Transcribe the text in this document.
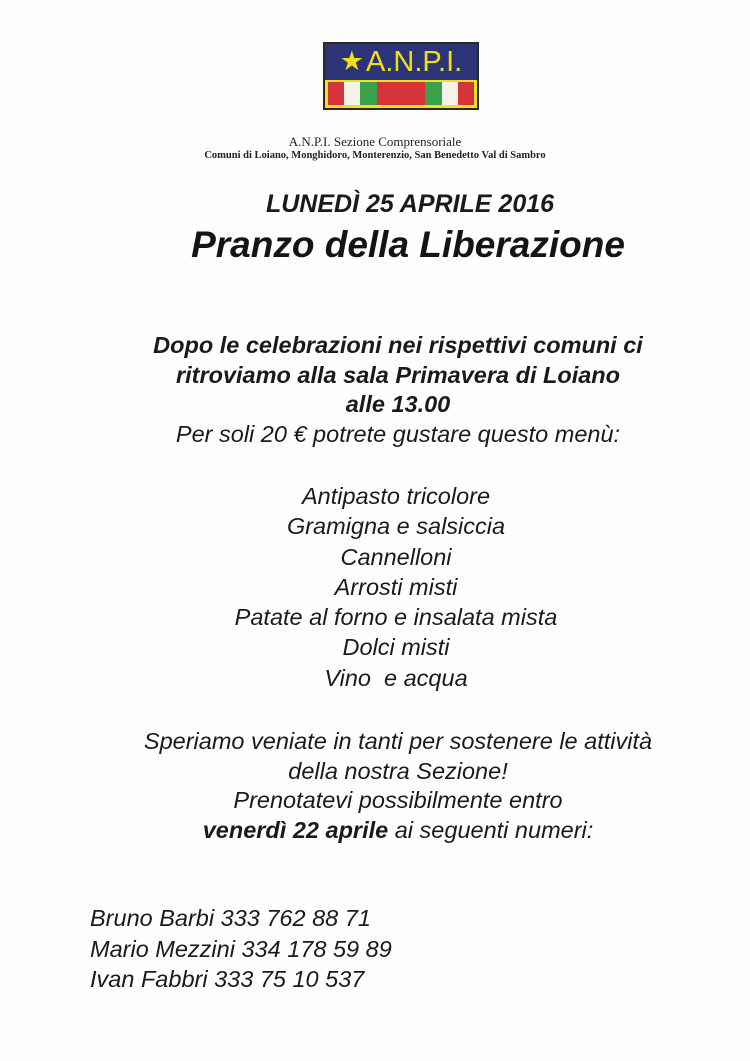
★ A.N.P.I.
A.N.P.I. Sezione Comprensoriale
Comuni di Loiano, Monghidoro, Monterenzio, San Benedetto Val di Sambro
LUNEDÌ 25 APRILE 2016
Pranzo della Liberazione
Dopo le celebrazioni nei rispettivi comuni ci
ritroviamo alla sala Primavera di Loiano
alle 13.00
Per soli 20 € potrete gustare questo menù:
Antipasto tricolore
Gramigna e salsiccia
Cannelloni
Arrosti misti
Patate al forno e insalata mista
Dolci misti
Vino  e acqua
Speriamo veniate in tanti per sostenere le attività
della nostra Sezione!
Prenotatevi possibilmente entro
venerdì 22 aprile ai seguenti numeri:
Bruno Barbi 333 762 88 71
Mario Mezzini 334 178 59 89
Ivan Fabbri 333 75 10 537
